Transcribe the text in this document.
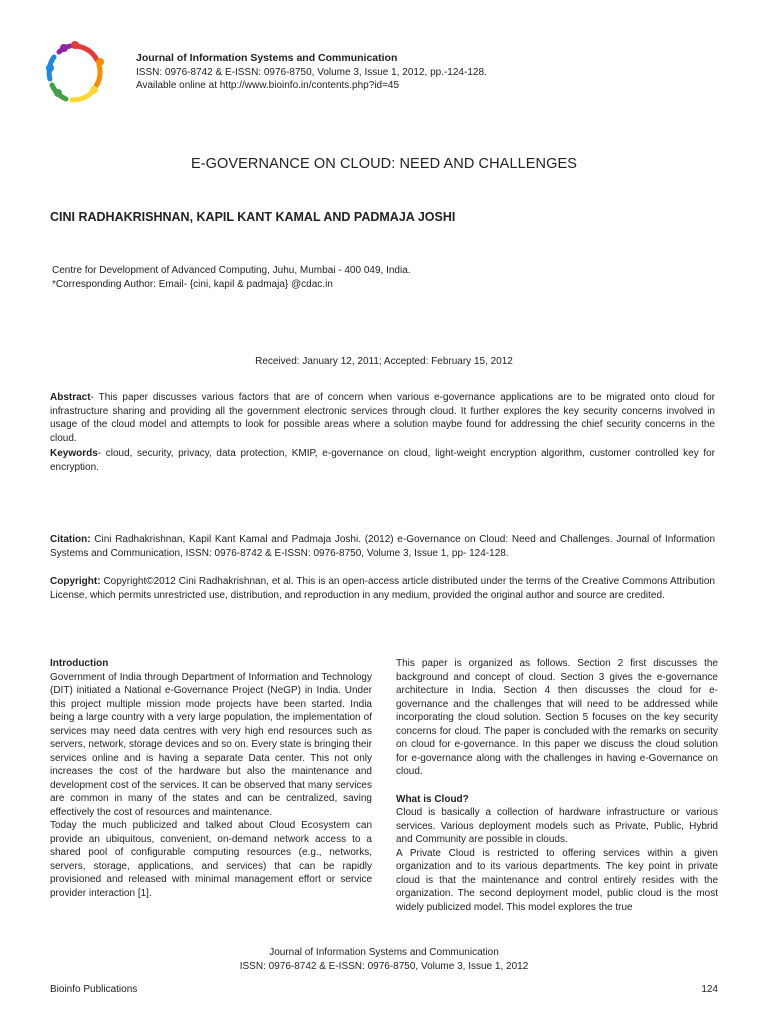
Journal of Information Systems and Communication
ISSN: 0976-8742 & E-ISSN: 0976-8750, Volume 3, Issue 1, 2012, pp.-124-128.
Available online at http://www.bioinfo.in/contents.php?id=45
E-GOVERNANCE ON CLOUD: NEED AND CHALLENGES
CINI RADHAKRISHNAN, KAPIL KANT KAMAL AND PADMAJA JOSHI
Centre for Development of Advanced Computing, Juhu, Mumbai - 400 049, India.
*Corresponding Author: Email- {cini, kapil & padmaja} @cdac.in
Received: January 12, 2011; Accepted: February 15, 2012
Abstract- This paper discusses various factors that are of concern when various e-governance applications are to be migrated onto cloud for infrastructure sharing and providing all the government electronic services through cloud. It further explores the key security concerns involved in usage of the cloud model and attempts to look for possible areas where a solution maybe found for addressing the chief security concerns in the cloud.
Keywords- cloud, security, privacy, data protection, KMIP, e-governance on cloud, light-weight encryption algorithm, customer controlled key for encryption.
Citation: Cini Radhakrishnan, Kapil Kant Kamal and Padmaja Joshi. (2012) e-Governance on Cloud: Need and Challenges. Journal of Information Systems and Communication, ISSN: 0976-8742 & E-ISSN: 0976-8750, Volume 3, Issue 1, pp- 124-128.
Copyright: Copyright©2012 Cini Radhakrishnan, et al. This is an open-access article distributed under the terms of the Creative Commons Attribution License, which permits unrestricted use, distribution, and reproduction in any medium, provided the original author and source are credited.
Introduction

Government of India through Department of Information and Technology (DIT) initiated a National e-Governance Project (NeGP) in India. Under this project multiple mission mode projects have been started. India being a large country with a very large population, the implementation of services may need data centres with very high end resources such as servers, network, storage devices and so on. Every state is bringing their services online and is having a separate Data center. This not only increases the cost of the hardware but also the maintenance and development cost of the services. It can be observed that many services are common in many of the states and can be centralized, saving effectively the cost of resources and maintenance.

Today the much publicized and talked about Cloud Ecosystem can provide an ubiquitous, convenient, on-demand network access to a shared pool of configurable computing resources (e.g., networks, servers, storage, applications, and services) that can be rapidly provisioned and released with minimal management effort or service provider interaction [1].

This paper is organized as follows. Section 2 first discusses the background and concept of cloud. Section 3 gives the e-governance architecture in India. Section 4 then discusses the cloud for e-governance and the challenges that will need to be addressed while incorporating the cloud solution. Section 5 focuses on the key security concerns for cloud. The paper is concluded with the remarks on security on cloud for e-governance. In this paper we discuss the cloud solution for e-governance along with the challenges in having e-Governance on cloud.

What is Cloud?

Cloud is basically a collection of hardware infrastructure or various services. Various deployment models such as Private, Public, Hybrid and Community are possible in clouds.

A Private Cloud is restricted to offering services within a given organization and to its various departments. The key point in private cloud is that the maintenance and control entirely resides with the organization. The second deployment model, public cloud is the most widely publicized model. This model explores the true

Journal of Information Systems and Communication
ISSN: 0976-8742 & E-ISSN: 0976-8750, Volume 3, Issue 1, 2012
Bioinfo Publications	124
